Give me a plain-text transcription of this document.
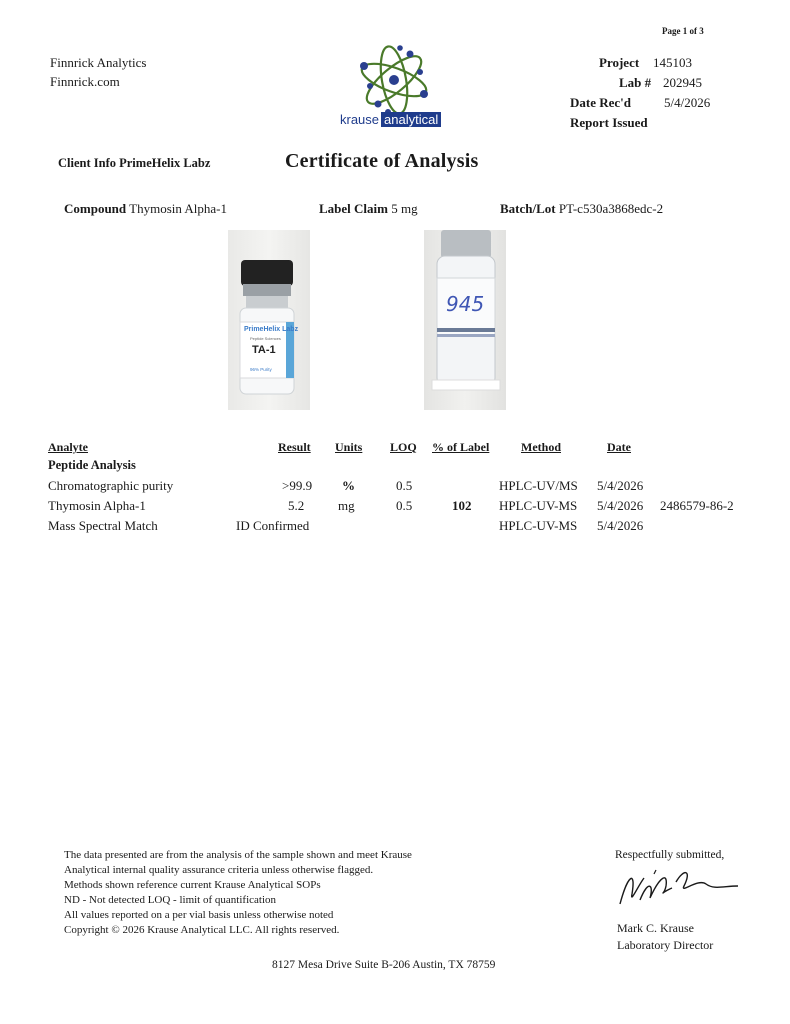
Page 1 of 3
Finnrick Analytics
Finnrick.com
krause analytical
Project 145103
Lab # 202945
Date Rec'd	5/4/2026
Report Issued
Client Info PrimeHelix Labz	Certificate of Analysis
Compound Thymosin Alpha-1	Label Claim 5 mg	Batch/Lot PT-c530a3868edc-2
PrimeHelix Labz
Peptide Sciences
TA-1
96% Purity
945
Analyte	Result Units LOQ % of Label	Method	Date
Peptide Analysis
Chromatographic purity	>99.9 %	0.5	HPLC-UV/MS 5/4/2026
Thymosin Alpha-1	5.2	mg	0.5	102 HPLC-UV-MS 5/4/2026 2486579-86-2
Mass Spectral Match	ID Confirmed	HPLC-UV-MS 5/4/2026
The data presented are from the analysis of the sample shown and meet Krause
Analytical internal quality assurance criteria unless otherwise flagged.
Methods shown reference current Krause Analytical SOPs
ND - Not detected LOQ - limit of quantification
All values reported on a per vial basis unless otherwise noted
Copyright © 2026 Krause Analytical LLC. All rights reserved.
Respectfully submitted,
Mark C. Krause
Laboratory Director
8127 Mesa Drive Suite B-206 Austin, TX 78759
